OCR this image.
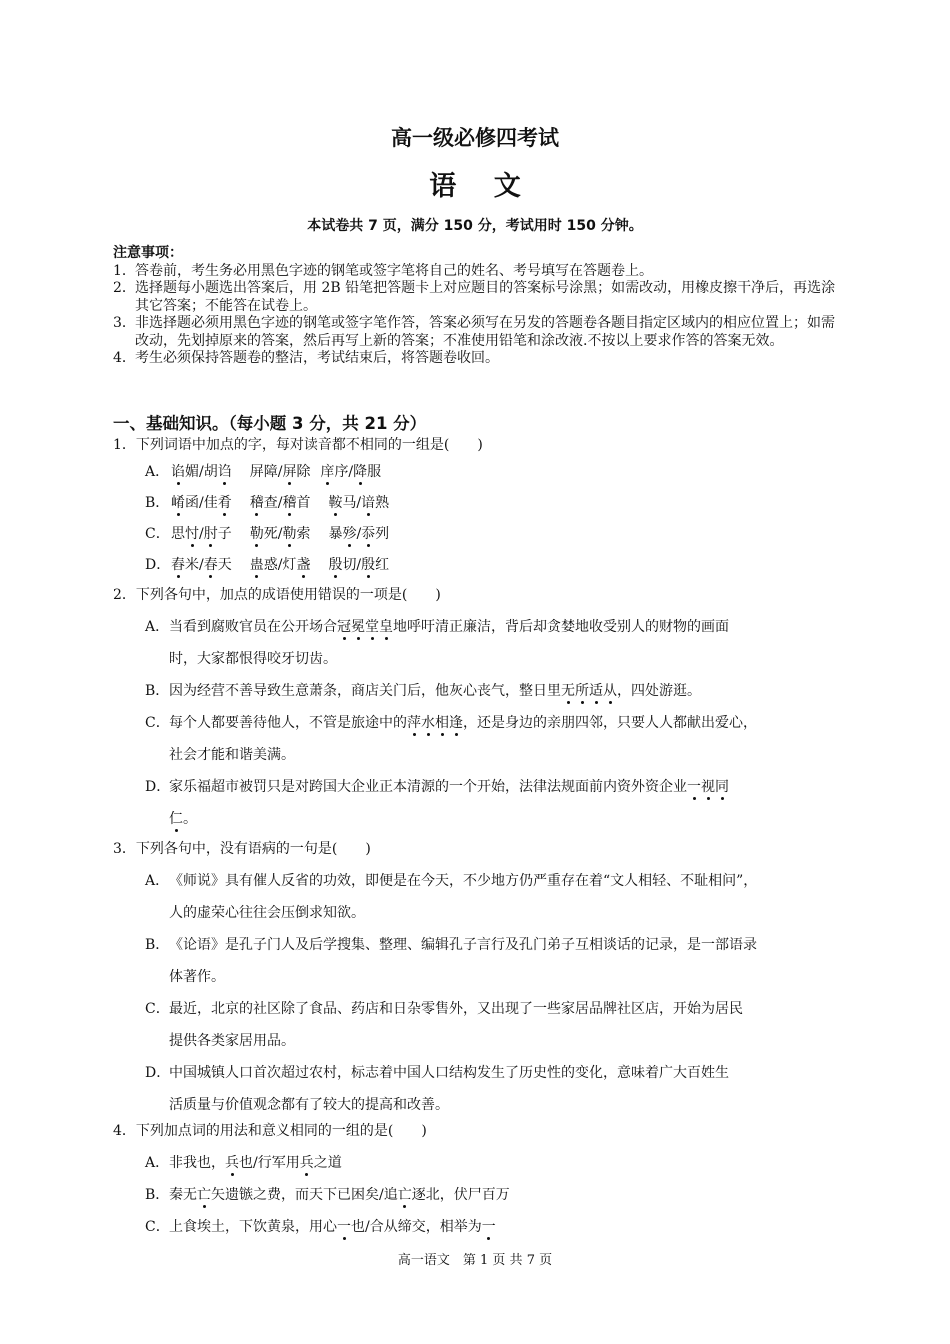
高一级必修四考试
语 文
本试卷共 7 页，满分 150 分，考试用时 150 分钟。
注意事项：
1． 答卷前，考生务必用黑色字迹的钢笔或签字笔将自己的姓名、考号填写在答题卷上。
2． 选择题每小题选出答案后，用 2B 铅笔把答题卡上对应题目的答案标号涂黑；如需改动，用橡皮擦干净后，再选涂其它答案；不能答在试卷上。
3． 非选择题必须用黑色字迹的钢笔或签字笔作答，答案必须写在另发的答题卷各题目指定区域内的相应位置上；如需改动，先划掉原来的答案，然后再写上新的答案；不准使用铅笔和涂改液.不按以上要求作答的答案无效。
4． 考生必须保持答题卷的整洁，考试结束后，将答题卷收回。
一、基础知识。（每小题 3 分，共 21 分）
1．下列词语中加点的字，每对读音都不相同的一组是(　　)
A． 谄媚/胡诌 屏障/屏除 庠序/降服
B． 崤函/佳肴 稽查/稽首 鞍马/谙熟
C．思忖/肘子 勒死/勒索 暴殄/忝列
D．舂米/春天 蛊惑/灯盏 殷切/殷红
2．下列各句中，加点的成语使用错误的一项是(　　)
A．当看到腐败官员在公开场合冠冕堂皇地呼吁清正廉洁，背后却贪婪地收受别人的财物的画面
时，大家都恨得咬牙切齿。
B．因为经营不善导致生意萧条，商店关门后，他灰心丧气，整日里无所适从，四处游逛。
C．每个人都要善待他人，不管是旅途中的萍水相逢，还是身边的亲朋四邻，只要人人都献出爱心，
社会才能和谐美满。
D．家乐福超市被罚只是对跨国大企业正本清源的一个开始，法律法规面前内资外资企业一视同
仁。
3．下列各句中，没有语病的一句是(　　)
A．《师说》具有催人反省的功效，即便是在今天，不少地方仍严重存在着“文人相轻、不耻相问”，
人的虚荣心往往会压倒求知欲。
B．《论语》是孔子门人及后学搜集、整理、编辑孔子言行及孔门弟子互相谈话的记录，是一部语录
体著作。
C．最近，北京的社区除了食品、药店和日杂零售外，又出现了一些家居品牌社区店，开始为居民
提供各类家居用品。
D．中国城镇人口首次超过农村，标志着中国人口结构发生了历史性的变化，意味着广大百姓生
活质量与价值观念都有了较大的提高和改善。
4．下列加点词的用法和意义相同的一组的是(　　)
A．非我也，兵也/行军用兵之道
B．秦无亡矢遗镞之费，而天下已困矣/追亡逐北，伏尸百万
C．上食埃土，下饮黄泉，用心一也/合从缔交，相举为一
高一语文　第 1 页 共 7 页
